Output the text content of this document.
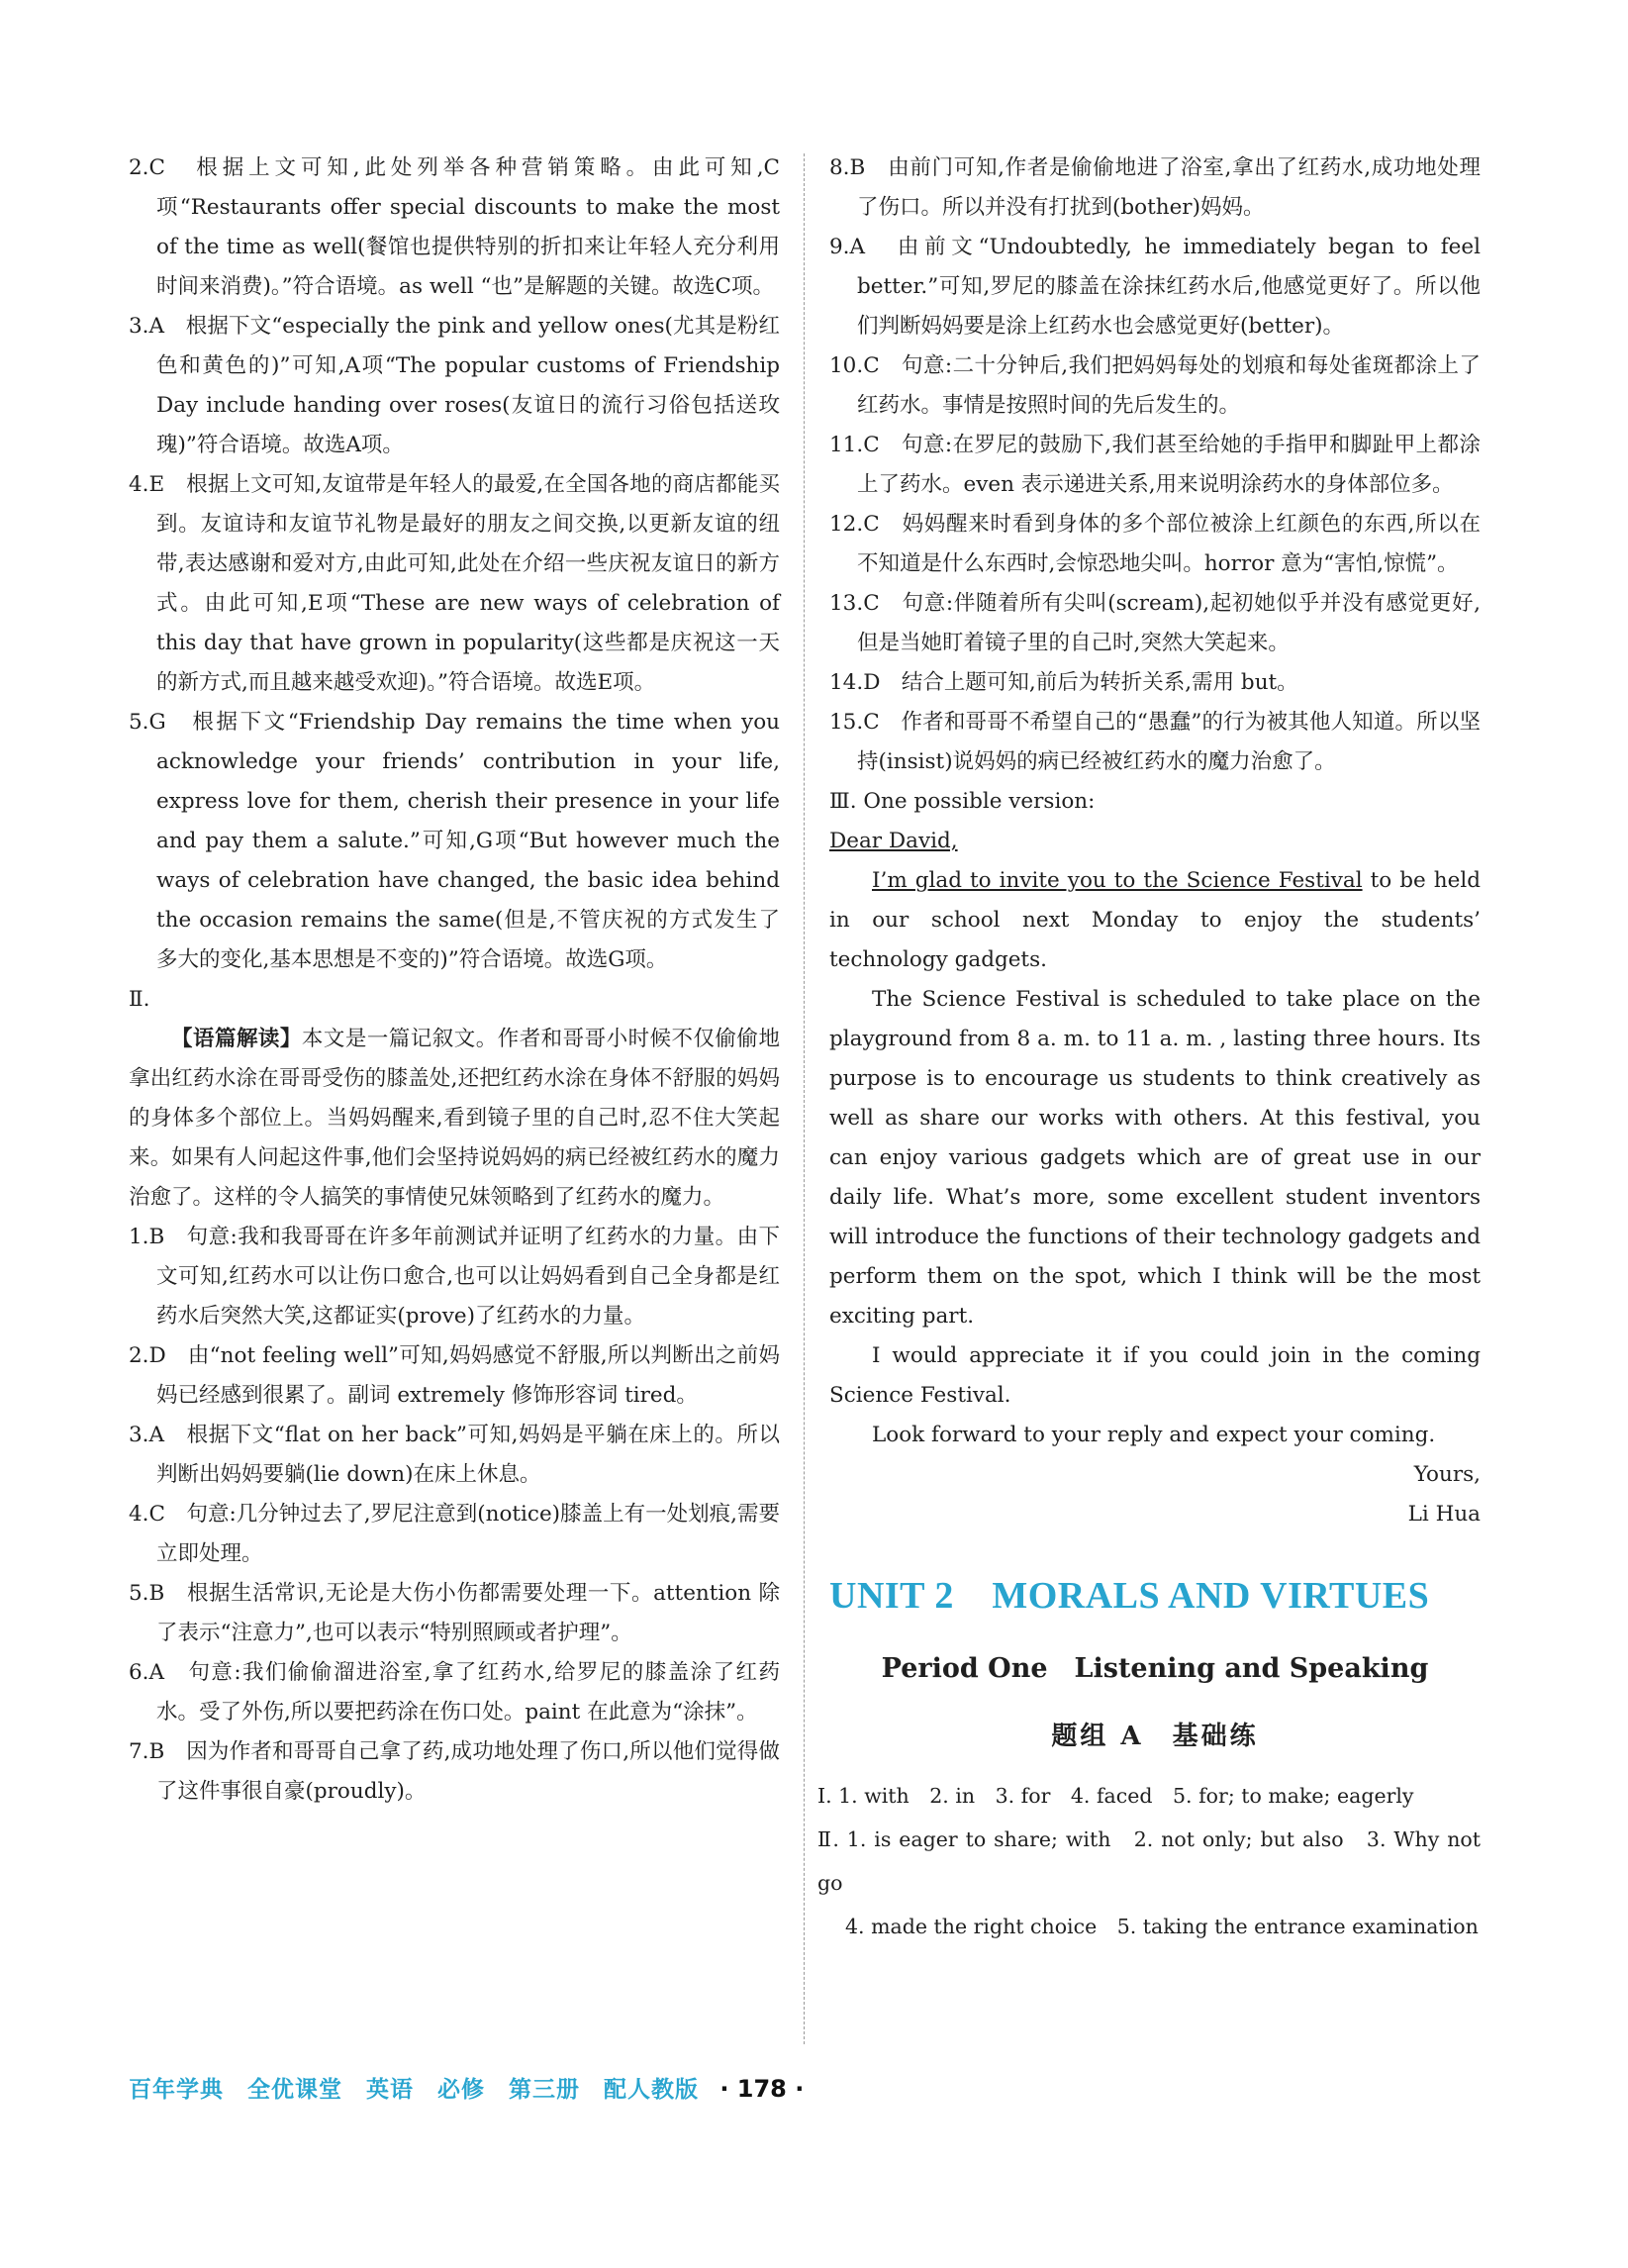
2.C　根据上文可知,此处列举各种营销策略。由此可知,C项“Restaurants offer special discounts to make the most of the time as well(餐馆也提供特别的折扣来让年轻人充分利用时间来消费)。”符合语境。as well “也”是解题的关键。故选C项。

3.A　根据下文“especially the pink and yellow ones(尤其是粉红色和黄色的)”可知,A项“The popular customs of Friendship Day include handing over roses(友谊日的流行习俗包括送玫瑰)”符合语境。故选A项。

4.E　根据上文可知,友谊带是年轻人的最爱,在全国各地的商店都能买到。友谊诗和友谊节礼物是最好的朋友之间交换,以更新友谊的纽带,表达感谢和爱对方,由此可知,此处在介绍一些庆祝友谊日的新方式。由此可知,E项“These are new ways of celebration of this day that have grown in popularity(这些都是庆祝这一天的新方式,而且越来越受欢迎)。”符合语境。故选E项。

5.G　根据下文“Friendship Day remains the time when you acknowledge your friends’ contribution in your life, express love for them, cherish their presence in your life and pay them a salute.”可知,G项“But however much the ways of celebration have changed, the basic idea behind the occasion remains the same(但是,不管庆祝的方式发生了多大的变化,基本思想是不变的)”符合语境。故选G项。

Ⅱ.

【语篇解读】本文是一篇记叙文。作者和哥哥小时候不仅偷偷地拿出红药水涂在哥哥受伤的膝盖处,还把红药水涂在身体不舒服的妈妈的身体多个部位上。当妈妈醒来,看到镜子里的自己时,忍不住大笑起来。如果有人问起这件事,他们会坚持说妈妈的病已经被红药水的魔力治愈了。这样的令人搞笑的事情使兄妹领略到了红药水的魔力。

1.B　句意:我和我哥哥在许多年前测试并证明了红药水的力量。由下文可知,红药水可以让伤口愈合,也可以让妈妈看到自己全身都是红药水后突然大笑,这都证实(prove)了红药水的力量。

2.D　由“not feeling well”可知,妈妈感觉不舒服,所以判断出之前妈妈已经感到很累了。副词 extremely 修饰形容词 tired。

3.A　根据下文“flat on her back”可知,妈妈是平躺在床上的。所以判断出妈妈要躺(lie down)在床上休息。

4.C　句意:几分钟过去了,罗尼注意到(notice)膝盖上有一处划痕,需要立即处理。

5.B　根据生活常识,无论是大伤小伤都需要处理一下。attention 除了表示“注意力”,也可以表示“特别照顾或者护理”。

6.A　句意:我们偷偷溜进浴室,拿了红药水,给罗尼的膝盖涂了红药水。受了外伤,所以要把药涂在伤口处。paint 在此意为“涂抹”。

7.B　因为作者和哥哥自己拿了药,成功地处理了伤口,所以他们觉得做了这件事很自豪(proudly)。

8.B　由前门可知,作者是偷偷地进了浴室,拿出了红药水,成功地处理了伤口。所以并没有打扰到(bother)妈妈。

9.A　由前文“Undoubtedly, he immediately began to feel better.”可知,罗尼的膝盖在涂抹红药水后,他感觉更好了。所以他们判断妈妈要是涂上红药水也会感觉更好(better)。

10.C　句意:二十分钟后,我们把妈妈每处的划痕和每处雀斑都涂上了红药水。事情是按照时间的先后发生的。

11.C　句意:在罗尼的鼓励下,我们甚至给她的手指甲和脚趾甲上都涂上了药水。even 表示递进关系,用来说明涂药水的身体部位多。

12.C　妈妈醒来时看到身体的多个部位被涂上红颜色的东西,所以在不知道是什么东西时,会惊恐地尖叫。horror 意为“害怕,惊慌”。

13.C　句意:伴随着所有尖叫(scream),起初她似乎并没有感觉更好,但是当她盯着镜子里的自己时,突然大笑起来。

14.D　结合上题可知,前后为转折关系,需用 but。

15.C　作者和哥哥不希望自己的“愚蠢”的行为被其他人知道。所以坚持(insist)说妈妈的病已经被红药水的魔力治愈了。

Ⅲ. One possible version:

Dear David,

I’m glad to invite you to the Science Festival to be held in our school next Monday to enjoy the students’ technology gadgets.

The Science Festival is scheduled to take place on the playground from 8 a. m. to 11 a. m. , lasting three hours. Its purpose is to encourage us students to think creatively as well as share our works with others. At this festival, you can enjoy various gadgets which are of great use in our daily life. What’s more, some excellent student inventors will introduce the functions of their technology gadgets and perform them on the spot, which I think will be the most exciting part.

I would appreciate it if you could join in the coming Science Festival.

Look forward to your reply and expect your coming.

Yours,

Li Hua

UNIT 2　MORALS AND VIRTUES
Period One　Listening and Speaking
题组 A　基础练

Ⅰ. 1. with　2. in　3. for　4. faced　5. for; to make; eagerly

Ⅱ. 1. is eager to share; with　2. not only; but also　3. Why not go

4. made the right choice　5. taking the entrance examination

百年学典　全优课堂　英语　必修　第三册　配人教版 · 178 ·
